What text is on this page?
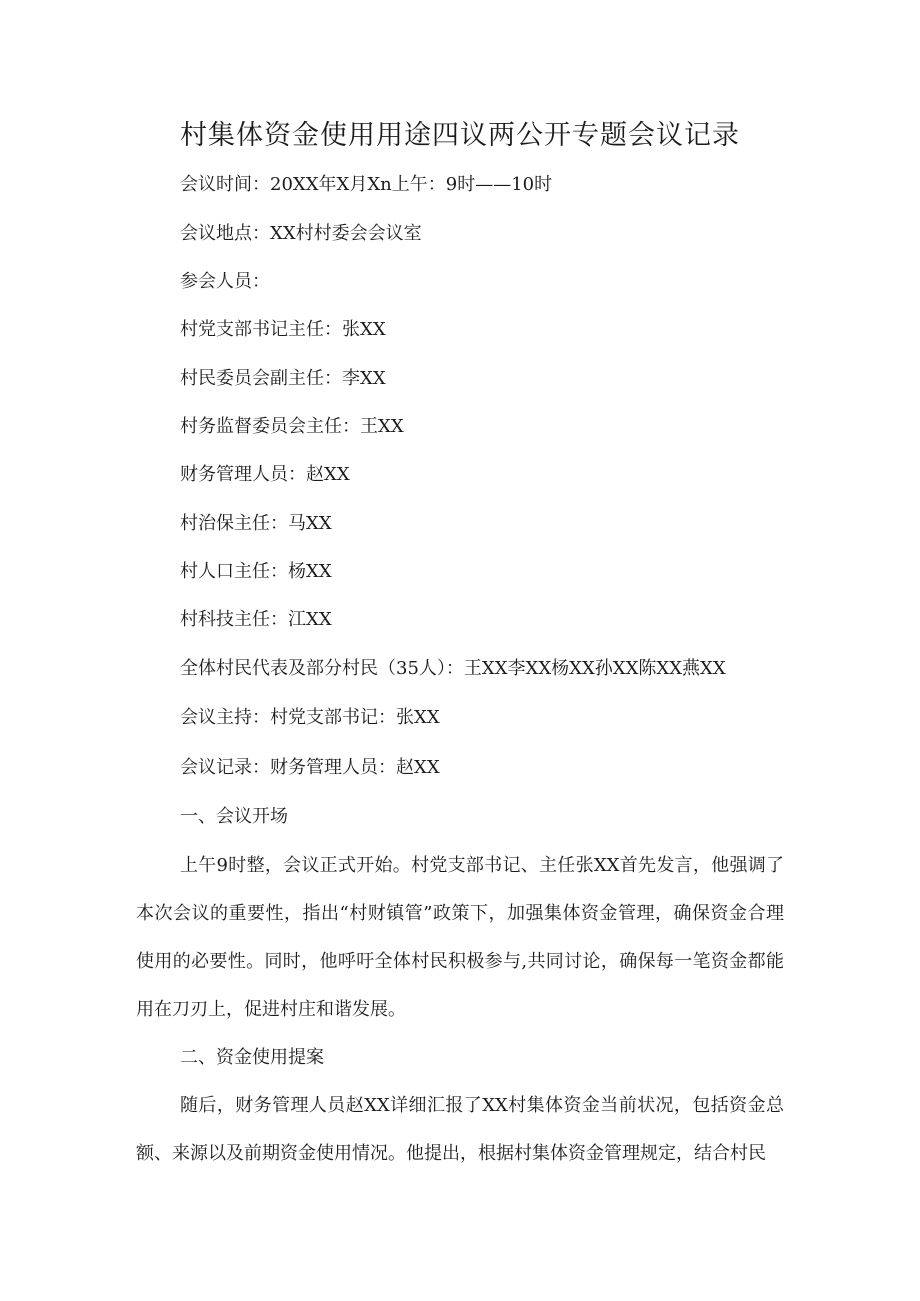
村集体资金使用用途四议两公开专题会议记录
会议时间：20XX年X月Xn上午：9时——10时
会议地点：XX村村委会会议室
参会人员：
村党支部书记主任：张XX
村民委员会副主任：李XX
村务监督委员会主任：王XX
财务管理人员：赵XX
村治保主任：马XX
村人口主任：杨XX
村科技主任：江XX
全体村民代表及部分村民（35人）：王XX李XX杨XX孙XX陈XX燕XX
会议主持：村党支部书记：张XX
会议记录：财务管理人员：赵XX
一、会议开场
上午9时整，会议正式开始。村党支部书记、主任张XX首先发言，他强调了本次会议的重要性，指出“村财镇管”政策下，加强集体资金管理，确保资金合理使用的必要性。同时，他呼吁全体村民积极参与,共同讨论，确保每一笔资金都能用在刀刃上，促进村庄和谐发展。
二、资金使用提案
随后，财务管理人员赵XX详细汇报了XX村集体资金当前状况，包括资金总额、来源以及前期资金使用情况。他提出，根据村集体资金管理规定，结合村民
